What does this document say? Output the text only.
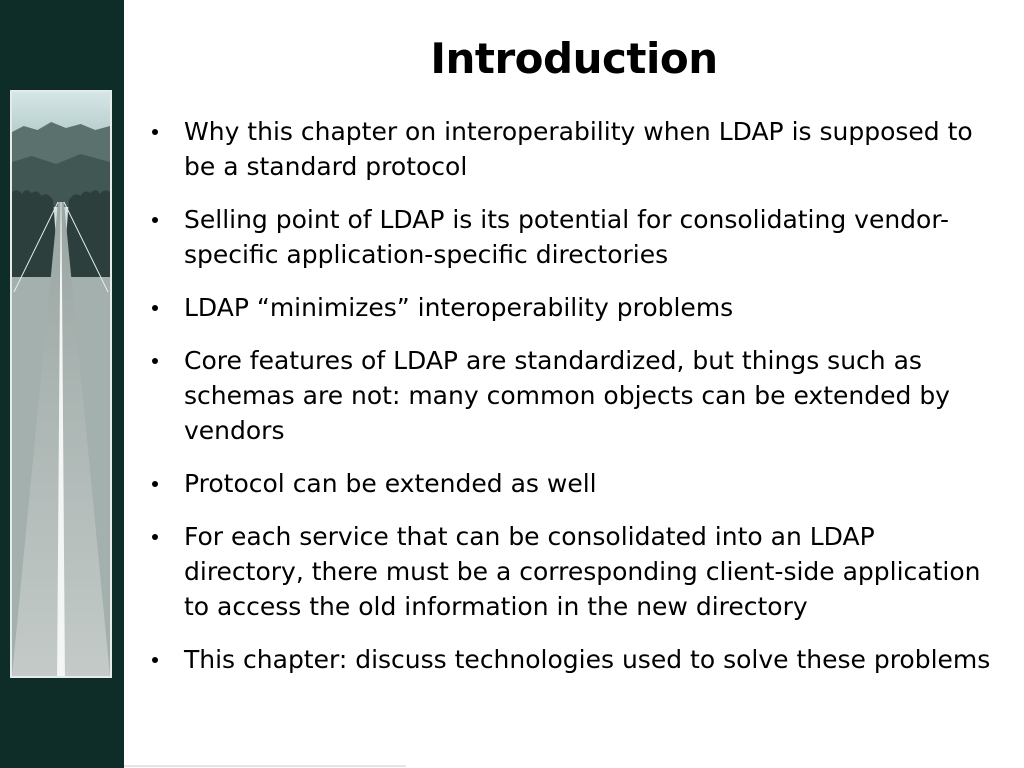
Introduction
Why this chapter on interoperability when LDAP is supposed to be a standard protocol
Selling point of LDAP is its potential for consolidating vendor-specific application-specific directories
LDAP “minimizes” interoperability problems
Core features of LDAP are standardized, but things such as schemas are not: many common objects can be extended by vendors
Protocol can be extended as well
For each service that can be consolidated into an LDAP directory, there must be a corresponding client-side application to access the old information in the new directory
This chapter: discuss technologies used to solve these problems
